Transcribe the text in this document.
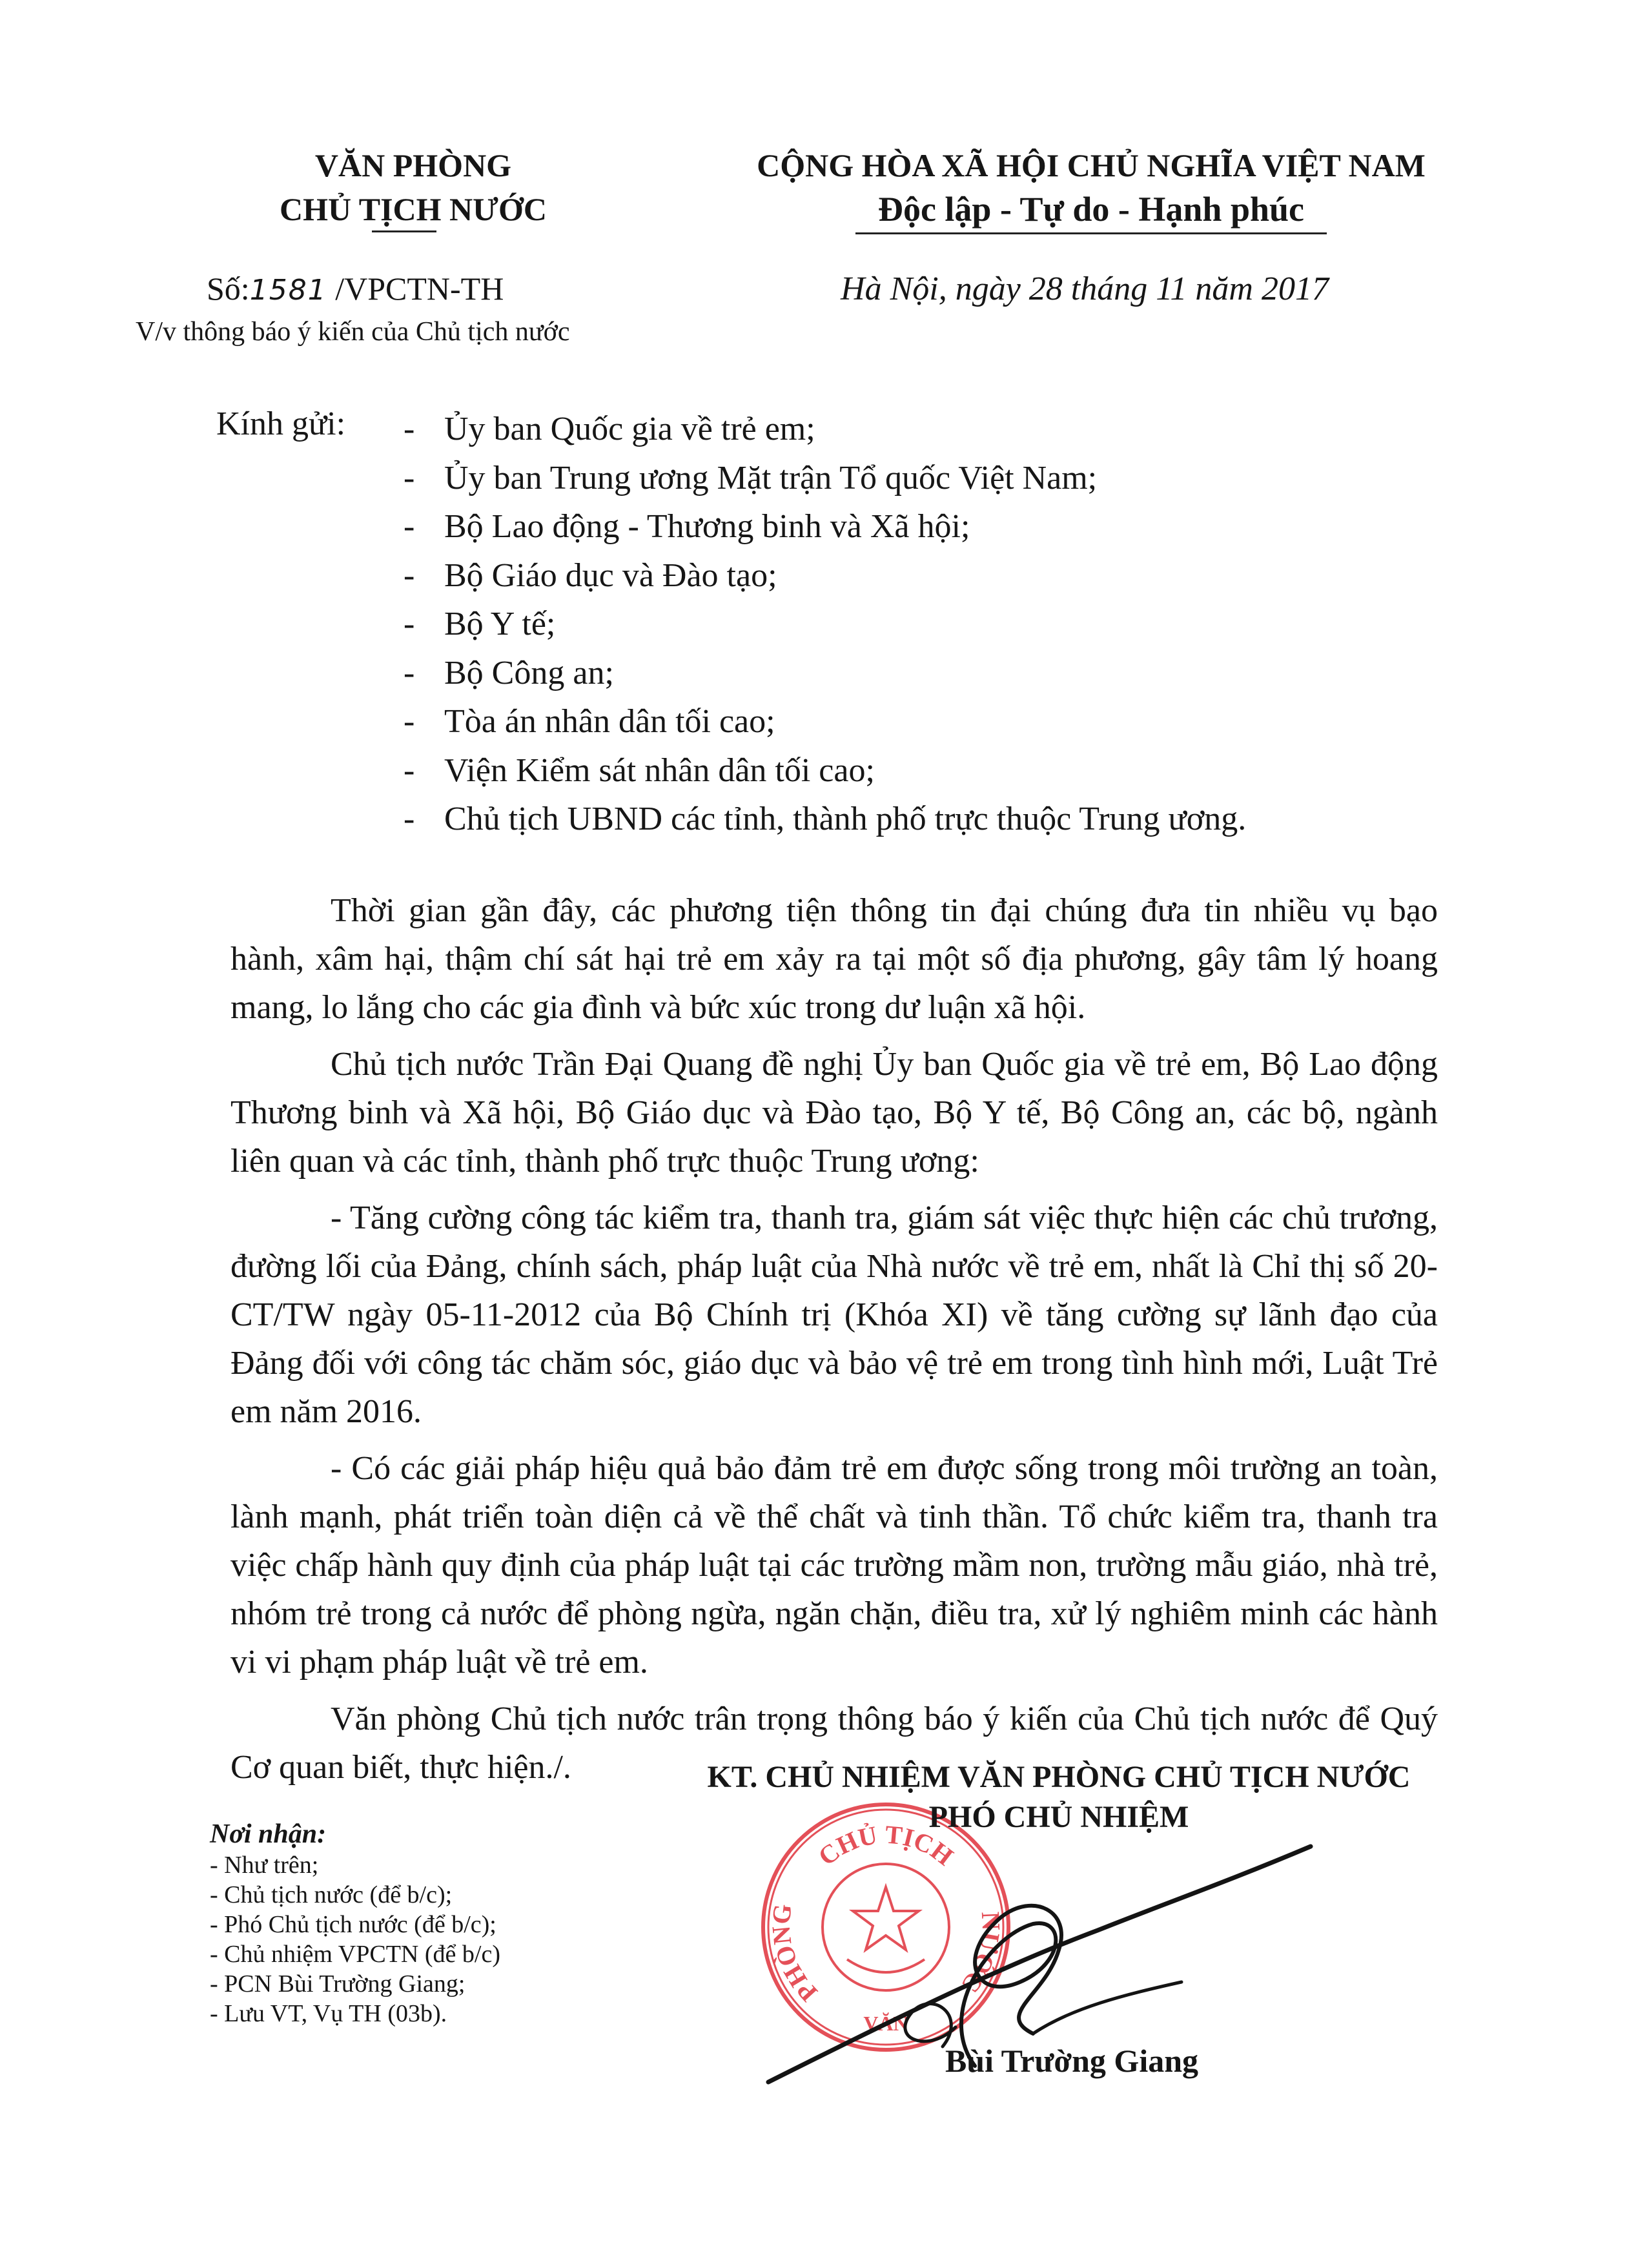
VĂN PHÒNG
CHỦ TỊCH NƯỚC
CỘNG HÒA XÃ HỘI CHỦ NGHĨA VIỆT NAM
Độc lập - Tự do - Hạnh phúc
Số:1581 /VPCTN-TH
V/v thông báo ý kiến của Chủ tịch nước
Hà Nội, ngày 28 tháng 11 năm 2017
Kính gửi: - Ủy ban Quốc gia về trẻ em;
- Ủy ban Trung ương Mặt trận Tổ quốc Việt Nam;
- Bộ Lao động - Thương binh và Xã hội;
- Bộ Giáo dục và Đào tạo;
- Bộ Y tế;
- Bộ Công an;
- Tòa án nhân dân tối cao;
- Viện Kiểm sát nhân dân tối cao;
- Chủ tịch UBND các tỉnh, thành phố trực thuộc Trung ương.

Thời gian gần đây, các phương tiện thông tin đại chúng đưa tin nhiều vụ bạo hành, xâm hại, thậm chí sát hại trẻ em xảy ra tại một số địa phương, gây tâm lý hoang mang, lo lắng cho các gia đình và bức xúc trong dư luận xã hội.

Chủ tịch nước Trần Đại Quang đề nghị Ủy ban Quốc gia về trẻ em, Bộ Lao động Thương binh và Xã hội, Bộ Giáo dục và Đào tạo, Bộ Y tế, Bộ Công an, các bộ, ngành liên quan và các tỉnh, thành phố trực thuộc Trung ương:

- Tăng cường công tác kiểm tra, thanh tra, giám sát việc thực hiện các chủ trương, đường lối của Đảng, chính sách, pháp luật của Nhà nước về trẻ em, nhất là Chỉ thị số 20-CT/TW ngày 05-11-2012 của Bộ Chính trị (Khóa XI) về tăng cường sự lãnh đạo của Đảng đối với công tác chăm sóc, giáo dục và bảo vệ trẻ em trong tình hình mới, Luật Trẻ em năm 2016.

- Có các giải pháp hiệu quả bảo đảm trẻ em được sống trong môi trường an toàn, lành mạnh, phát triển toàn diện cả về thể chất và tinh thần. Tổ chức kiểm tra, thanh tra việc chấp hành quy định của pháp luật tại các trường mầm non, trường mẫu giáo, nhà trẻ, nhóm trẻ trong cả nước để phòng ngừa, ngăn chặn, điều tra, xử lý nghiêm minh các hành vi vi phạm pháp luật về trẻ em.

Văn phòng Chủ tịch nước trân trọng thông báo ý kiến của Chủ tịch nước để Quý Cơ quan biết, thực hiện./.

CHỦ TỊCH
PHÒNG	NƯỚC
VĂN
KT. CHỦ NHIỆM VĂN PHÒNG CHỦ TỊCH NƯỚC
PHÓ CHỦ NHIỆM
Bùi Trường Giang
Nơi nhận:
- Như trên;
- Chủ tịch nước (để b/c);
- Phó Chủ tịch nước (để b/c);
- Chủ nhiệm VPCTN (để b/c)
- PCN Bùi Trường Giang;
- Lưu VT, Vụ TH (03b).
